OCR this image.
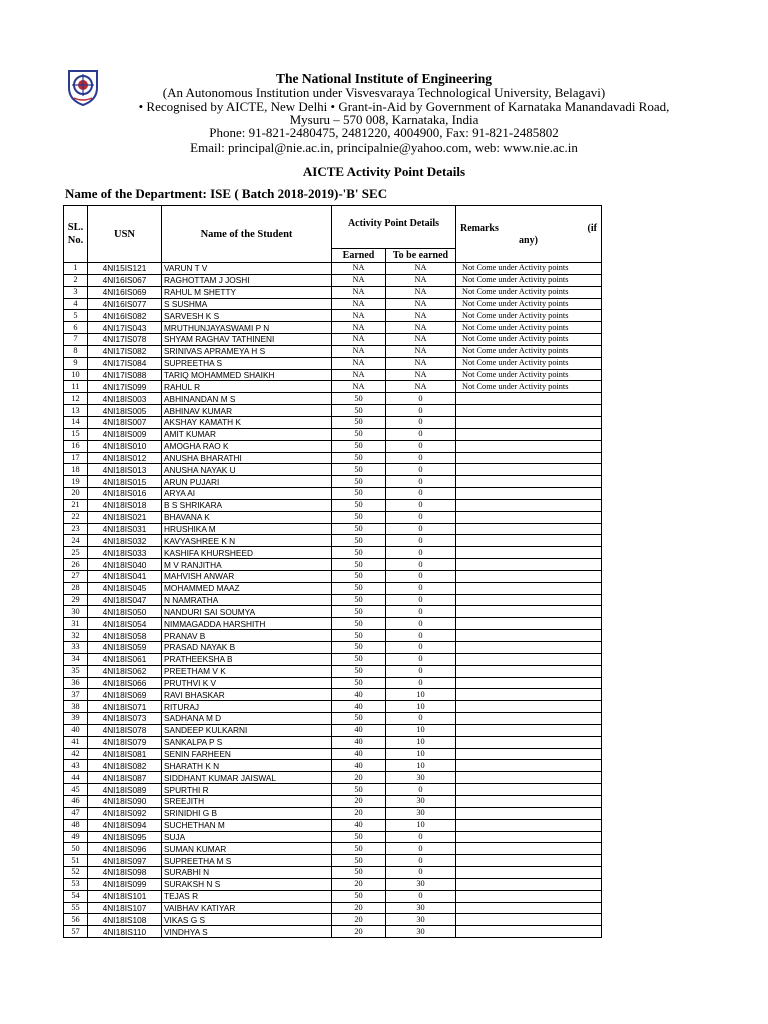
The National Institute of Engineering
(An Autonomous Institution under Visvesvaraya Technological University, Belagavi)
• Recognised by AICTE, New Delhi • Grant-in-Aid by Government of Karnataka Manandavadi Road,
Mysuru – 570 008, Karnataka, India
Phone: 91-821-2480475, 2481220, 4004900, Fax: 91-821-2485802
Email: principal@nie.ac.in, principalnie@yahoo.com, web: www.nie.ac.in
AICTE Activity Point Details
Name of the Department: ISE ( Batch 2018-2019)-'B' SEC
SL.
No.	USN	Name of the Student	Activity Point Details		Remarks (if
any)

			Earned	To be earned	
1	4NI15IS121	VARUN T V	NA	NA	Not Come under Activity points
2	4NI16IS067	RAGHOTTAM J JOSHI	NA	NA	Not Come under Activity points
3	4NI16IS069	RAHUL M SHETTY	NA	NA	Not Come under Activity points
4	4NI16IS077	S SUSHMA	NA	NA	Not Come under Activity points
5	4NI16IS082	SARVESH K S	NA	NA	Not Come under Activity points
6	4NI17IS043	MRUTHUNJAYASWAMI P N	NA	NA	Not Come under Activity points
7	4NI17IS078	SHYAM RAGHAV TATHINENI	NA	NA	Not Come under Activity points
8	4NI17IS082	SRINIVAS APRAMEYA H S	NA	NA	Not Come under Activity points
9	4NI17IS084	SUPREETHA S	NA	NA	Not Come under Activity points
10	4NI17IS088	TARIQ MOHAMMED SHAIKH	NA	NA	Not Come under Activity points
11	4NI17IS099	RAHUL R	NA	NA	Not Come under Activity points
12	4NI18IS003	ABHINANDAN M S	50	0	
13	4NI18IS005	ABHINAV KUMAR	50	0	
14	4NI18IS007	AKSHAY KAMATH K	50	0	
15	4NI18IS009	AMIT KUMAR	50	0	
16	4NI18IS010	AMOGHA RAO K	50	0	
17	4NI18IS012	ANUSHA BHARATHI	50	0	
18	4NI18IS013	ANUSHA NAYAK U	50	0	
19	4NI18IS015	ARUN PUJARI	50	0	
20	4NI18IS016	ARYA AI	50	0	
21	4NI18IS018	B S SHRIKARA	50	0	
22	4NI18IS021	BHAVANA K	50	0	
23	4NI18IS031	HRUSHIKA M	50	0	
24	4NI18IS032	KAVYASHREE K N	50	0	
25	4NI18IS033	KASHIFA KHURSHEED	50	0	
26	4NI18IS040	M V RANJITHA	50	0	
27	4NI18IS041	MAHVISH ANWAR	50	0	
28	4NI18IS045	MOHAMMED MAAZ	50	0	
29	4NI18IS047	N NAMRATHA	50	0	
30	4NI18IS050	NANDURI SAI SOUMYA	50	0	
31	4NI18IS054	NIMMAGADDA HARSHITH	50	0	
32	4NI18IS058	PRANAV B	50	0	
33	4NI18IS059	PRASAD NAYAK B	50	0	
34	4NI18IS061	PRATHEEKSHA B	50	0	
35	4NI18IS062	PREETHAM V K	50	0	
36	4NI18IS066	PRUTHVI K V	50	0	
37	4NI18IS069	RAVI BHASKAR	40	10	
38	4NI18IS071	RITURAJ	40	10	
39	4NI18IS073	SADHANA M D	50	0	
40	4NI18IS078	SANDEEP KULKARNI	40	10	
41	4NI18IS079	SANKALPA P S	40	10	
42	4NI18IS081	SENIN FARHEEN	40	10	
43	4NI18IS082	SHARATH K N	40	10	
44	4NI18IS087	SIDDHANT KUMAR JAISWAL	20	30	
45	4NI18IS089	SPURTHI R	50	0	
46	4NI18IS090	SREEJITH	20	30	
47	4NI18IS092	SRINIDHI G B	20	30	
48	4NI18IS094	SUCHETHAN M	40	10	
49	4NI18IS095	SUJA	50	0	
50	4NI18IS096	SUMAN KUMAR	50	0	
51	4NI18IS097	SUPREETHA M S	50	0	
52	4NI18IS098	SURABHI N	50	0	
53	4NI18IS099	SURAKSH N S	20	30	
54	4NI18IS101	TEJAS R	50	0	
55	4NI18IS107	VAIBHAV KATIYAR	20	30	
56	4NI18IS108	VIKAS G S	20	30	
57	4NI18IS110	VINDHYA S	20	30	
